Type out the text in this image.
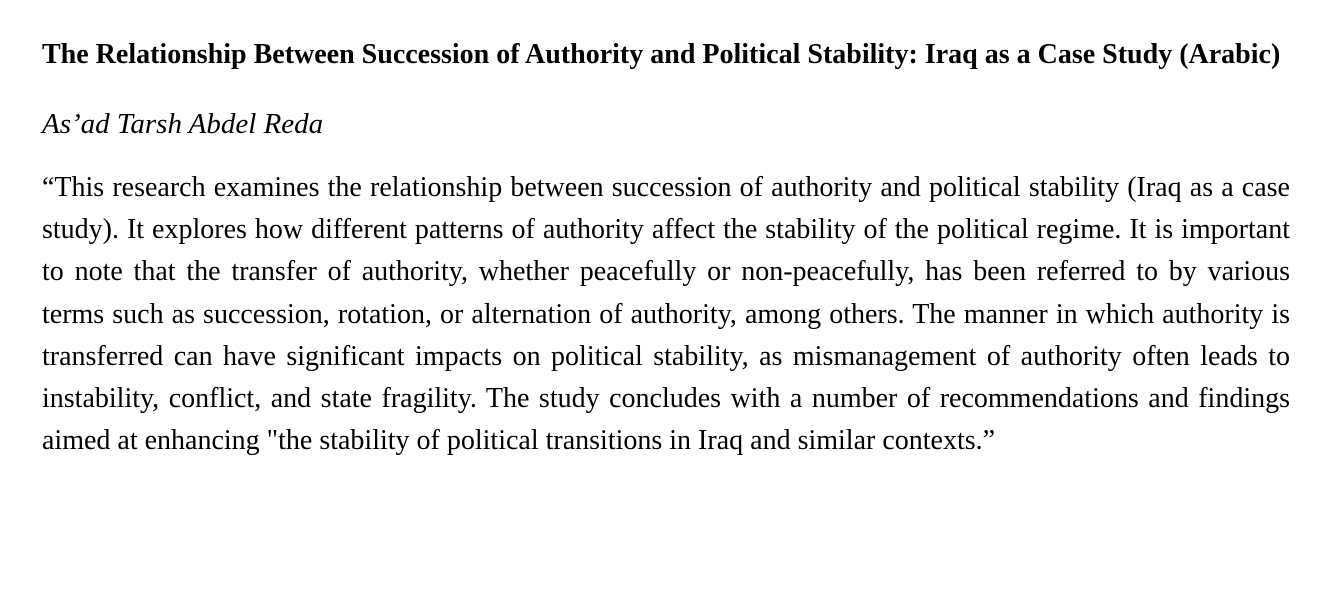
The Relationship Between Succession of Authority and Political Stability: Iraq as a Case Study (Arabic)

As’ad Tarsh Abdel Reda

“This research examines the relationship between succession of authority and political stability (Iraq as a case study). It explores how different patterns of authority affect the stability of the political regime. It is important to note that the transfer of authority, whether peacefully or non-peacefully, has been referred to by various terms such as succession, rotation, or alternation of authority, among others. The manner in which authority is transferred can have significant impacts on political stability, as mismanagement of authority often leads to instability, conflict, and state fragility. The study concludes with a number of recommendations and findings aimed at enhancing "the stability of political transitions in Iraq and similar contexts.”
